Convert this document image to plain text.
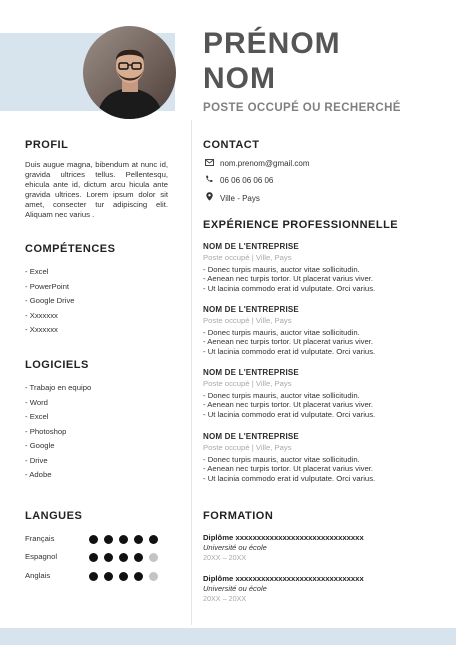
PRÉNOM
NOM
POSTE OCCUPÉ OU RECHERCHÉ
PROFIL

Duis augue magna, bibendum at nunc id, gravida ultrices tellus. Pellentesqu, ehicula ante id, dictum arcu hicula ante gravida ultrices. Lorem ipsum dolor sit amet, consecter tur adipiscing elit. Aliquam nec varius .

COMPÉTENCES
- Excel
- PowerPoint
- Google Drive
- Xxxxxxx
- Xxxxxxx
LOGICIELS
- Trabajo en equipo
- Word
- Excel
- Photoshop
- Google
- Drive
- Adobe
LANGUES
Français
Espagnol
Anglais
CONTACT
nom.prenom@gmail.com
06 06 06 06 06
Ville - Pays
EXPÉRIENCE PROFESSIONNELLE
NOM DE L'ENTREPRISE
Poste occupé | Ville, Pays
- Donec turpis mauris, auctor vitae sollicitudin.
- Aenean nec turpis tortor. Ut placerat varius viver.
- Ut lacinia commodo erat id vulputate. Orci varius.
NOM DE L'ENTREPRISE
Poste occupé | Ville, Pays
- Donec turpis mauris, auctor vitae sollicitudin.
- Aenean nec turpis tortor. Ut placerat varius viver.
- Ut lacinia commodo erat id vulputate. Orci varius.
NOM DE L'ENTREPRISE
Poste occupé | Ville, Pays
- Donec turpis mauris, auctor vitae sollicitudin.
- Aenean nec turpis tortor. Ut placerat varius viver.
- Ut lacinia commodo erat id vulputate. Orci varius.
NOM DE L'ENTREPRISE
Poste occupé | Ville, Pays
- Donec turpis mauris, auctor vitae sollicitudin.
- Aenean nec turpis tortor. Ut placerat varius viver.
- Ut lacinia commodo erat id vulputate. Orci varius.
FORMATION
Diplôme xxxxxxxxxxxxxxxxxxxxxxxxxxxxxx
Université ou école
20XX – 20XX
Diplôme xxxxxxxxxxxxxxxxxxxxxxxxxxxxxx
Université ou école
20XX – 20XX
